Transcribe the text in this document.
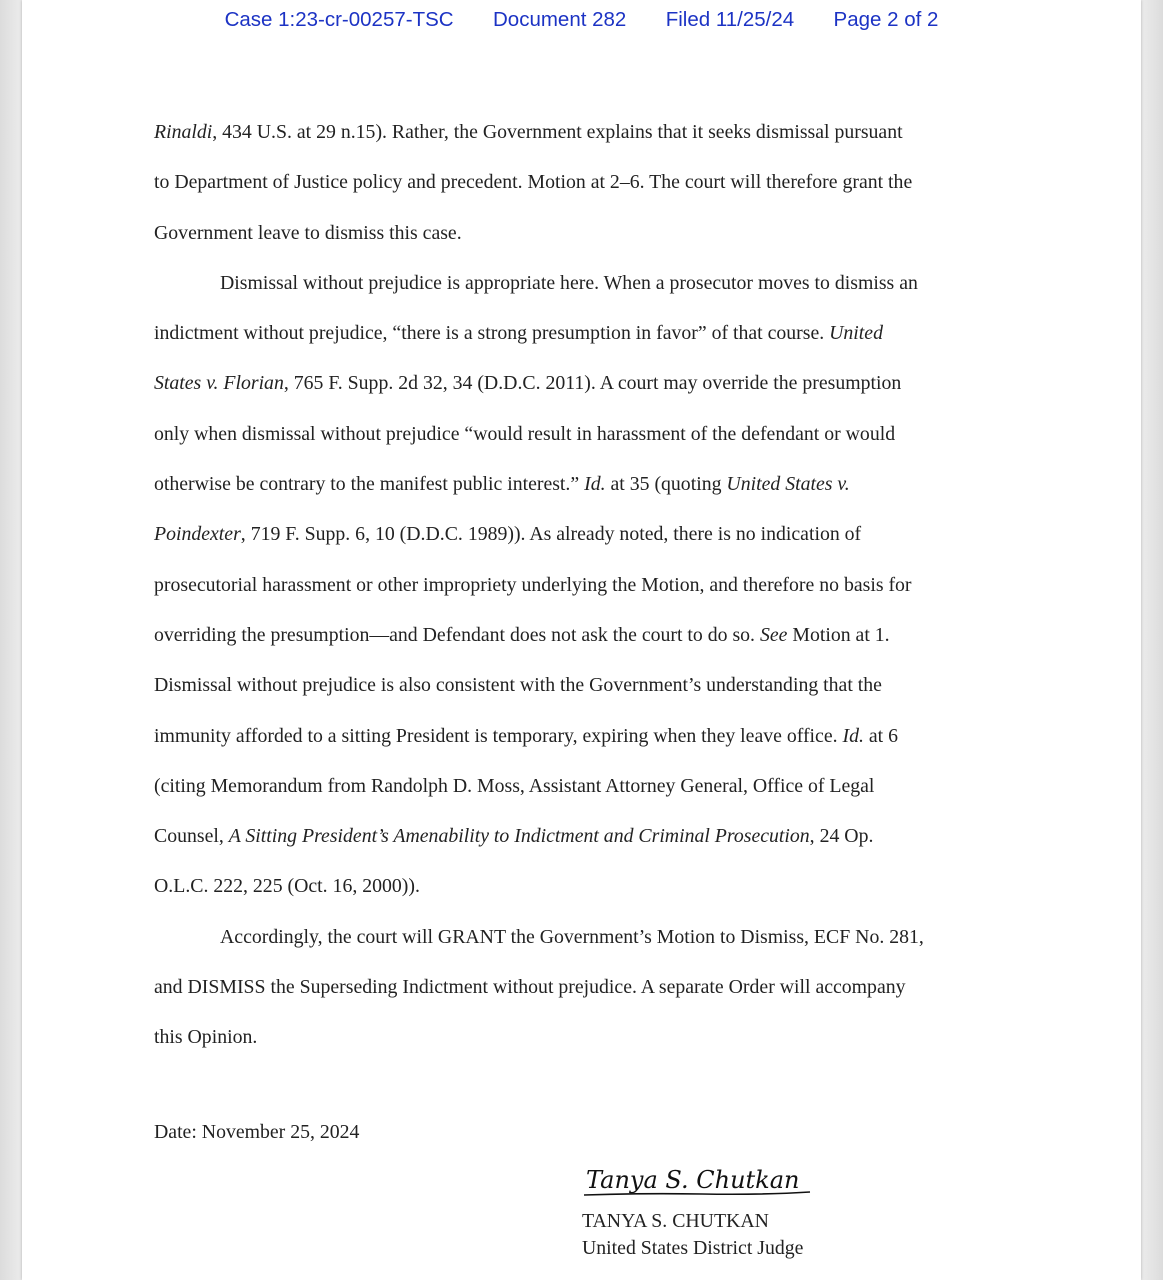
Case 1:23-cr-00257-TSC Document 282 Filed 11/25/24 Page 2 of 2
Rinaldi, 434 U.S. at 29 n.15). Rather, the Government explains that it seeks dismissal pursuant
to Department of Justice policy and precedent. Motion at 2–6. The court will therefore grant the
Government leave to dismiss this case.
Dismissal without prejudice is appropriate here. When a prosecutor moves to dismiss an
indictment without prejudice, “there is a strong presumption in favor” of that course. United
States v. Florian, 765 F. Supp. 2d 32, 34 (D.D.C. 2011). A court may override the presumption
only when dismissal without prejudice “would result in harassment of the defendant or would
otherwise be contrary to the manifest public interest.” Id. at 35 (quoting United States v.
Poindexter, 719 F. Supp. 6, 10 (D.D.C. 1989)). As already noted, there is no indication of
prosecutorial harassment or other impropriety underlying the Motion, and therefore no basis for
overriding the presumption—and Defendant does not ask the court to do so. See Motion at 1.
Dismissal without prejudice is also consistent with the Government’s understanding that the
immunity afforded to a sitting President is temporary, expiring when they leave office. Id. at 6
(citing Memorandum from Randolph D. Moss, Assistant Attorney General, Office of Legal
Counsel, A Sitting President’s Amenability to Indictment and Criminal Prosecution, 24 Op.
O.L.C. 222, 225 (Oct. 16, 2000)).
Accordingly, the court will GRANT the Government’s Motion to Dismiss, ECF No. 281,
and DISMISS the Superseding Indictment without prejudice. A separate Order will accompany
this Opinion.
Date: November 25, 2024
Tanya S. Chutkan
TANYA S. CHUTKAN
United States District Judge
